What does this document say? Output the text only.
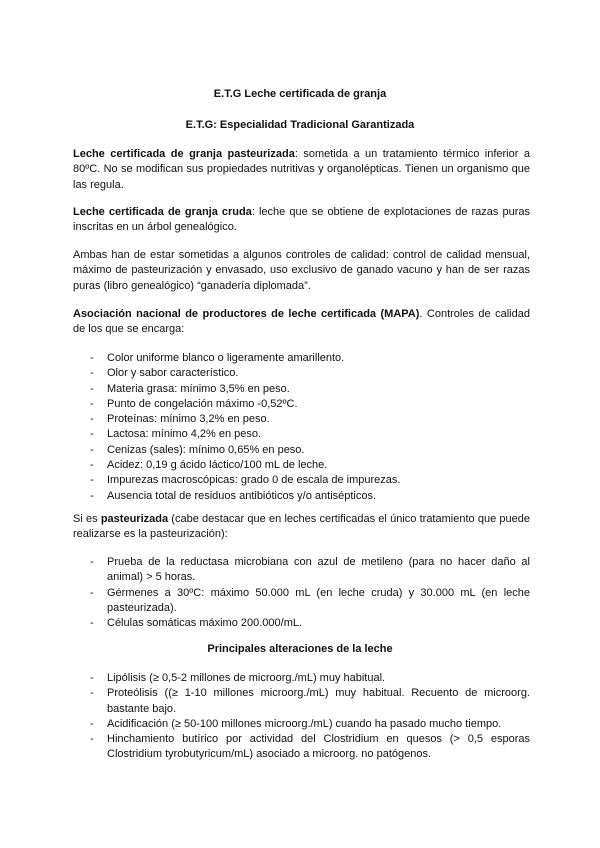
E.T.G Leche certificada de granja
E.T.G: Especialidad Tradicional Garantizada
Leche certificada de granja pasteurizada: sometida a un tratamiento térmico inferior a 80ºC. No se modifican sus propiedades nutritivas y organolépticas. Tienen un organismo que las regula.
Leche certificada de granja cruda: leche que se obtiene de explotaciones de razas puras inscritas en un árbol genealógico.
Ambas han de estar sometidas a algunos controles de calidad: control de calidad mensual, máximo de pasteurización y envasado, uso exclusivo de ganado vacuno y han de ser razas puras (libro genealógico) “ganadería diplomada”.
Asociación nacional de productores de leche certificada (MAPA). Controles de calidad de los que se encarga:
- Color uniforme blanco o ligeramente amarillento.
- Olor y sabor característico.
- Materia grasa: mínimo 3,5% en peso.
- Punto de congelación máximo -0,52ºC.
- Proteínas: mínimo 3,2% en peso.
- Lactosa: mínimo 4,2% en peso.
- Cenizas (sales): mínimo 0,65% en peso.
- Acidez: 0,19 g ácido láctico/100 mL de leche.
- Impurezas macroscópicas: grado 0 de escala de impurezas.
- Ausencia total de residuos antibióticos y/o antisépticos.
Si es pasteurizada (cabe destacar que en leches certificadas el único tratamiento que puede realizarse es la pasteurización):
- Prueba de la reductasa microbiana con azul de metileno (para no hacer daño al animal) > 5 horas.
- Gérmenes a 30ºC: máximo 50.000 mL (en leche cruda) y 30.000 mL (en leche pasteurizada).
- Células somáticas máximo 200.000/mL.
Principales alteraciones de la leche
- Lipólisis (≥ 0,5-2 millones de microorg./mL) muy habitual.
- Proteólisis ((≥ 1-10 millones microorg./mL) muy habitual. Recuento de microorg. bastante bajo.
- Acidificación (≥ 50-100 millones microorg./mL) cuando ha pasado mucho tiempo.
- Hinchamiento butírico por actividad del Clostridium en quesos (> 0,5 esporas Clostridium tyrobutyricum/mL) asociado a microorg. no patógenos.
